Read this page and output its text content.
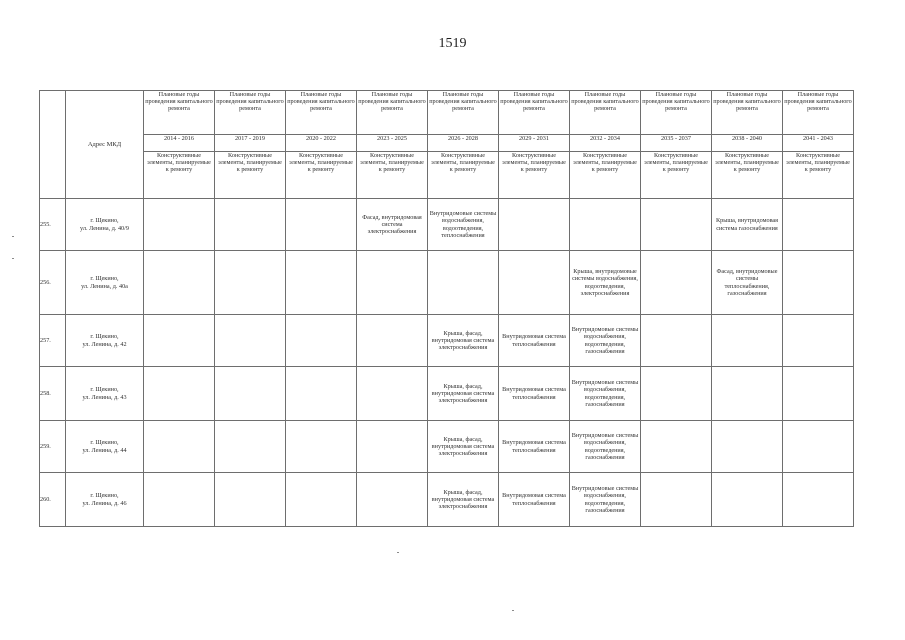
1519
	Адрес МКД	Плановые годы проведения капитального ремонта	Плановые годы проведения капитального ремонта	Плановые годы проведения капитального ремонта	Плановые годы проведения капитального ремонта	Плановые годы проведения капитального ремонта	Плановые годы проведения капитального ремонта	Плановые годы проведения капитального ремонта	Плановые годы проведения капитального ремонта	Плановые годы проведения капитального ремонта	Плановые годы проведения капитального ремонта
		2014 - 2016	2017 - 2019	2020 - 2022	2023 - 2025	2026 - 2028	2029 - 2031	2032 - 2034	2035 - 2037	2038 - 2040	2041 - 2043
		Конструктивные элементы, планируемые к ремонту	Конструктивные элементы, планируемые к ремонту	Конструктивные элементы, планируемые к ремонту	Конструктивные элементы, планируемые к ремонту	Конструктивные элементы, планируемые к ремонту	Конструктивные элементы, планируемые к ремонту	Конструктивные элементы, планируемые к ремонту	Конструктивные элементы, планируемые к ремонту	Конструктивные элементы, планируемые к ремонту	Конструктивные элементы, планируемые к ремонту
255.	г. Щекино,
ул. Ленина, д. 40/9				Фасад, внутридомовая система электроснабжения	Внутридомовые системы водоснабжения, водоотведения, теплоснабжения				Крыша, внутридомовая система газоснабжения	
256.	г. Щекино,
ул. Ленина, д. 40а							Крыша, внутридомовые системы водоснабжения, водоотведения, электроснабжения		Фасад, внутридомовые системы теплоснабжения, газоснабжения	
257.	г. Щекино,
ул. Ленина, д. 42					Крыша, фасад, внутридомовая система электроснабжения	Внутридомовая система теплоснабжения	Внутридомовые системы водоснабжения, водоотведения, газоснабжения			
258.	г. Щекино,
ул. Ленина, д. 43					Крыша, фасад, внутридомовая система электроснабжения	Внутридомовая система теплоснабжения	Внутридомовые системы водоснабжения, водоотведения, газоснабжения			
259.	г. Щекино,
ул. Ленина, д. 44					Крыша, фасад, внутридомовая система электроснабжения	Внутридомовая система теплоснабжения	Внутридомовые системы водоснабжения, водоотведения, газоснабжения			
260.	г. Щекино,
ул. Ленина, д. 46					Крыша, фасад, внутридомовая система электроснабжения	Внутридомовая система теплоснабжения	Внутридомовые системы водоснабжения, водоотведения, газоснабжения			
